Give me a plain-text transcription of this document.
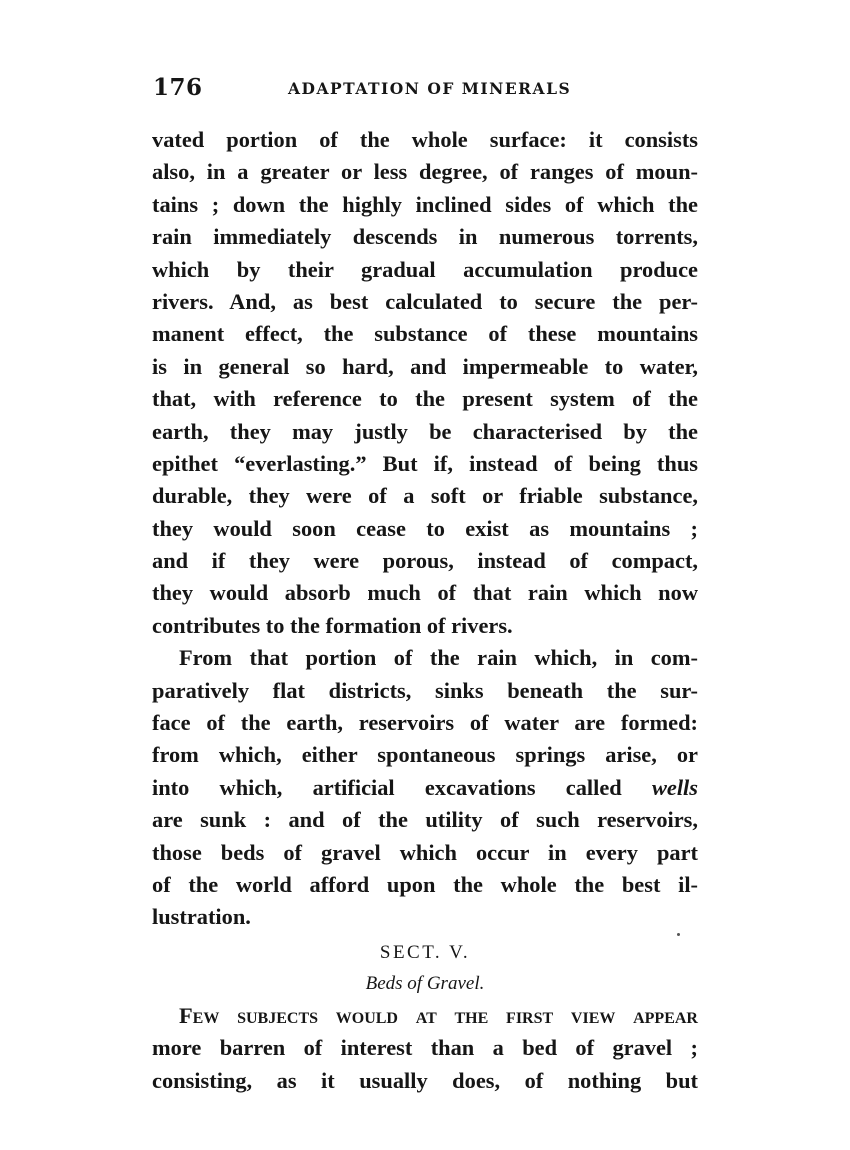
176	ADAPTATION OF MINERALS
vated portion of the whole surface: it consists
also, in a greater or less degree, of ranges of moun-
tains ; down the highly inclined sides of which the
rain immediately descends in numerous torrents,
which by their gradual accumulation produce
rivers. And, as best calculated to secure the per-
manent effect, the substance of these mountains
is in general so hard, and impermeable to water,
that, with reference to the present system of the
earth, they may justly be characterised by the
epithet “everlasting.” But if, instead of being thus
durable, they were of a soft or friable substance,
they would soon cease to exist as mountains ;
and if they were porous, instead of compact,
they would absorb much of that rain which now
contributes to the formation of rivers.
From that portion of the rain which, in com-
paratively flat districts, sinks beneath the sur-
face of the earth, reservoirs of water are formed:
from which, either spontaneous springs arise, or
into which, artificial excavations called wells
are sunk : and of the utility of such reservoirs,
those beds of gravel which occur in every part
of the world afford upon the whole the best il-
lustration.
SECT. V.
Beds of Gravel.
Few subjects would at the first view appear
more barren of interest than a bed of gravel ;
consisting, as it usually does, of nothing but
